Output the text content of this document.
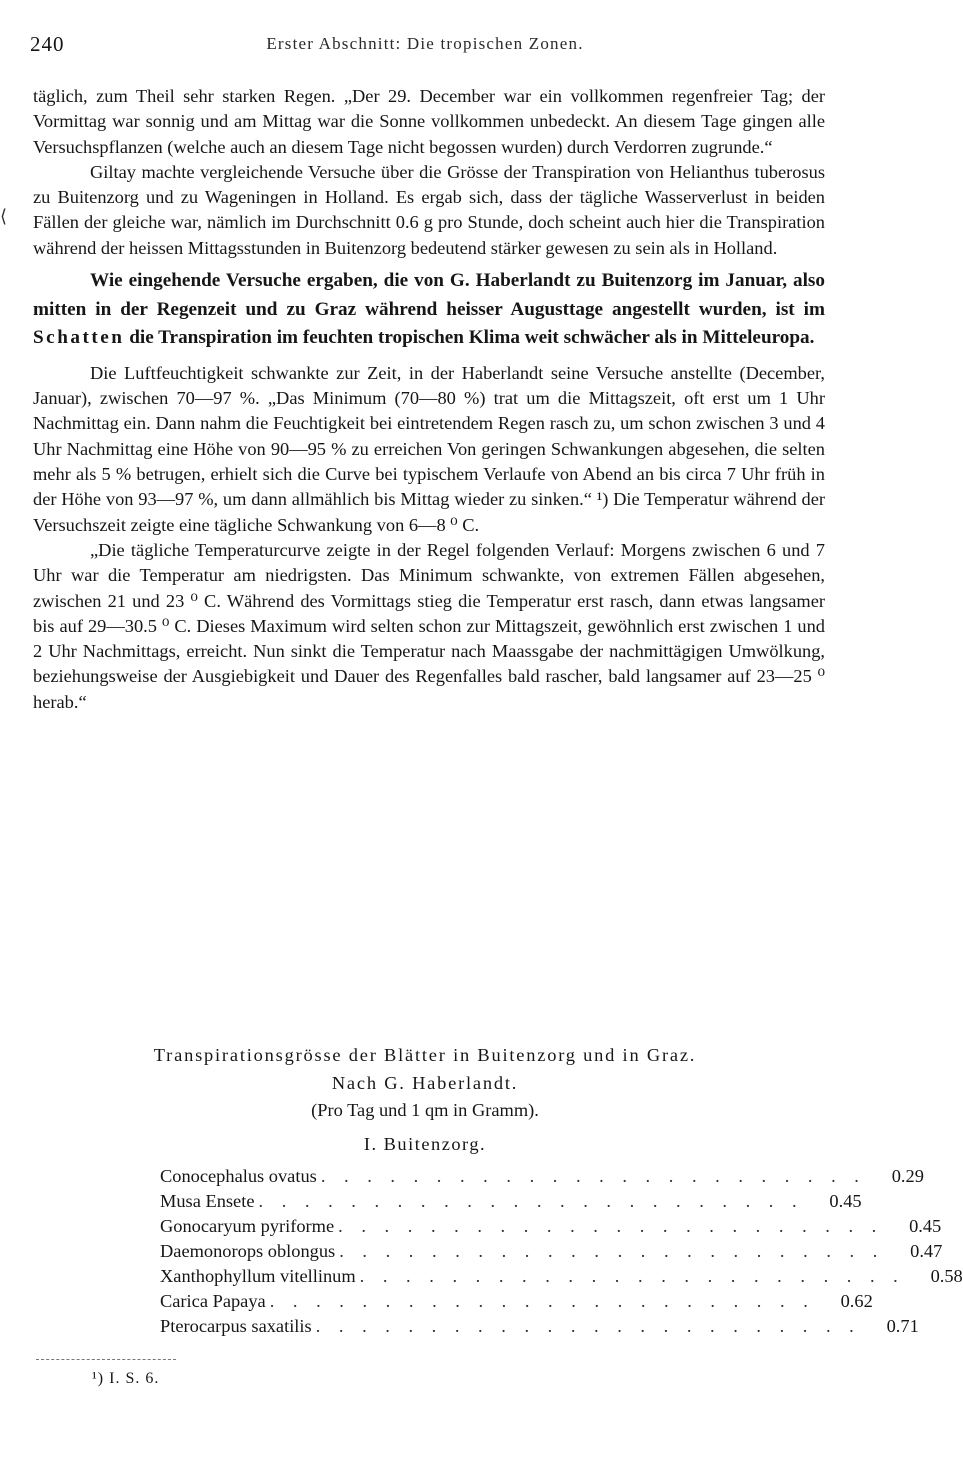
⟨
240	Erster Abschnitt: Die tropischen Zonen.

täglich, zum Theil sehr starken Regen. „Der 29. December war ein vollkommen regenfreier Tag; der Vormittag war sonnig und am Mittag war die Sonne vollkommen unbedeckt. An diesem Tage gingen alle Versuchspflanzen (welche auch an diesem Tage nicht begossen wurden) durch Verdorren zugrunde.“

Giltay machte vergleichende Versuche über die Grösse der Transpiration von Helianthus tuberosus zu Buitenzorg und zu Wageningen in Holland. Es ergab sich, dass der tägliche Wasserverlust in beiden Fällen der gleiche war, nämlich im Durchschnitt 0.6 g pro Stunde, doch scheint auch hier die Transpiration während der heissen Mittagsstunden in Buitenzorg bedeutend stärker gewesen zu sein als in Holland.

Wie eingehende Versuche ergaben, die von G. Haberlandt zu Buitenzorg im Januar, also mitten in der Regenzeit und zu Graz während heisser Augusttage angestellt wurden, ist im Schatten die Transpiration im feuchten tropischen Klima weit schwächer als in Mitteleuropa.

Die Luftfeuchtigkeit schwankte zur Zeit, in der Haberlandt seine Versuche anstellte (December, Januar), zwischen 70—97 %. „Das Minimum (70—80 %) trat um die Mittagszeit, oft erst um 1 Uhr Nachmittag ein. Dann nahm die Feuchtigkeit bei eintretendem Regen rasch zu, um schon zwischen 3 und 4 Uhr Nachmittag eine Höhe von 90—95 % zu erreichen Von geringen Schwankungen abgesehen, die selten mehr als 5 % betrugen, erhielt sich die Curve bei typischem Verlaufe von Abend an bis circa 7 Uhr früh in der Höhe von 93—97 %, um dann allmählich bis Mittag wieder zu sinken.“ ¹) Die Temperatur während der Versuchszeit zeigte eine tägliche Schwankung von 6—8 ⁰ C.

„Die tägliche Temperaturcurve zeigte in der Regel folgenden Verlauf: Morgens zwischen 6 und 7 Uhr war die Temperatur am niedrigsten. Das Minimum schwankte, von extremen Fällen abgesehen, zwischen 21 und 23 ⁰ C. Während des Vormittags stieg die Temperatur erst rasch, dann etwas langsamer bis auf 29—30.5 ⁰ C. Dieses Maximum wird selten schon zur Mittagszeit, gewöhnlich erst zwischen 1 und 2 Uhr Nachmittags, erreicht. Nun sinkt die Temperatur nach Maassgabe der nachmittägigen Umwölkung, beziehungsweise der Ausgiebigkeit und Dauer des Regenfalles bald rascher, bald langsamer auf 23—25 ⁰ herab.“

Transpirationsgrösse der Blätter in Buitenzorg und in Graz.
Nach G. Haberlandt.
(Pro Tag und 1 qm in Gramm).
I. Buitenzorg.
Conocephalus ovatus . . . . . . . . . . . . . . . . . . . . . . . .	0.29
Musa Ensete . . . . . . . . . . . . . . . . . . . . . . . .	0.45
Gonocaryum pyriforme . . . . . . . . . . . . . . . . . . . . . . . .	0.45
Daemonorops oblongus . . . . . . . . . . . . . . . . . . . . . . . .	0.47
Xanthophyllum vitellinum . . . . . . . . . . . . . . . . . . . . . . . .	0.58
Carica Papaya . . . . . . . . . . . . . . . . . . . . . . . .	0.62
Pterocarpus saxatilis . . . . . . . . . . . . . . . . . . . . . . . .	0.71
¹) I. S. 6.
